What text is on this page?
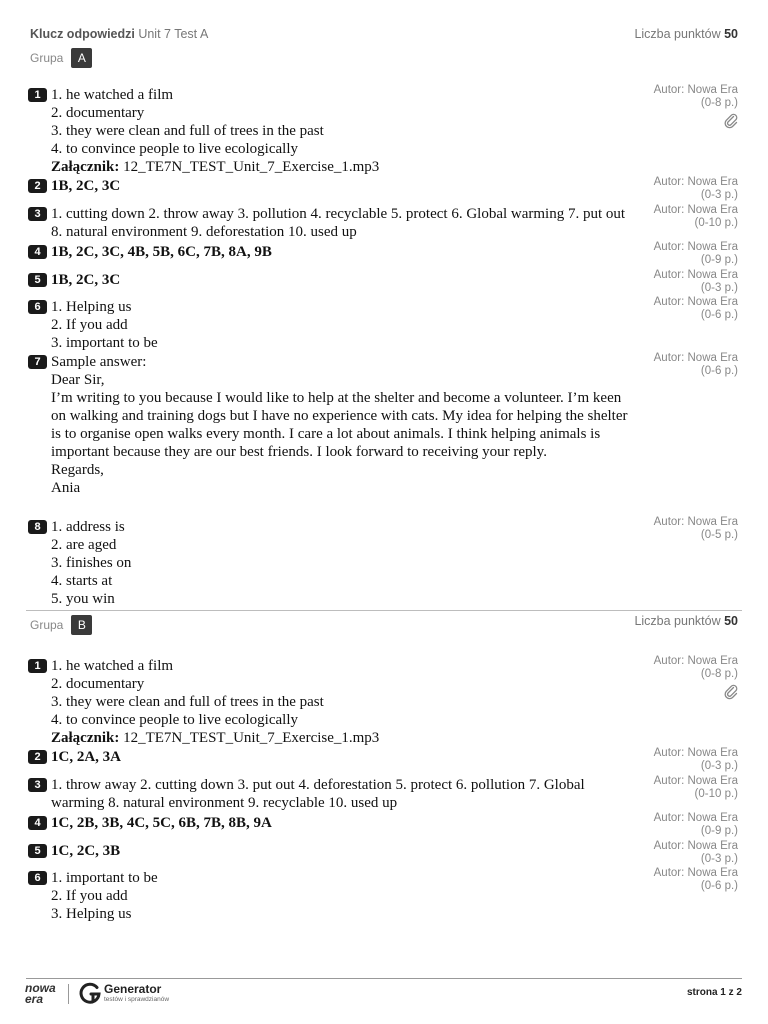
Klucz odpowiedzi Unit 7 Test A	Liczba punktów 50
Grupa	A
1 1. he watched a film
2. documentary
3. they were clean and full of trees in the past
4. to convince people to live ecologically
Załącznik: 12_TE7N_TEST_Unit_7_Exercise_1.mp3
Autor: Nowa Era
(0-8 p.)
2 1B, 2C, 3C	Autor: Nowa Era
(0-3 p.)
3 1. cutting down 2. throw away 3. pollution 4. recyclable 5. protect 6. Global warming 7. put out 8. natural environment 9. deforestation 10. used up
Autor: Nowa Era
(0-10 p.)
4 1B, 2C, 3C, 4B, 5B, 6C, 7B, 8A, 9B	Autor: Nowa Era
(0-9 p.)
5 1B, 2C, 3C	Autor: Nowa Era
(0-3 p.)
6 1. Helping us
2. If you add
3. important to be
Autor: Nowa Era
(0-6 p.)
7 Sample answer:
Dear Sir,
I’m writing to you because I would like to help at the shelter and become a volunteer. I’m keen on walking and training dogs but I have no experience with cats. My idea for helping the shelter is to organise open walks every month. I care a lot about animals. I think helping animals is important because they are our best friends. I look forward to receiving your reply.
Regards,
Ania
Autor: Nowa Era
(0-6 p.)
8 1. address is
2. are aged
3. finishes on
4. starts at
5. you win
Autor: Nowa Era
(0-5 p.)
Grupa	B	Liczba punktów 50
1 1. he watched a film
2. documentary
3. they were clean and full of trees in the past
4. to convince people to live ecologically
Załącznik: 12_TE7N_TEST_Unit_7_Exercise_1.mp3
Autor: Nowa Era
(0-8 p.)
2 1C, 2A, 3A	Autor: Nowa Era
(0-3 p.)
3 1. throw away 2. cutting down 3. put out 4. deforestation 5. protect 6. pollution 7. Global warming 8. natural environment 9. recyclable 10. used up
Autor: Nowa Era
(0-10 p.)
4 1C, 2B, 3B, 4C, 5C, 6B, 7B, 8B, 9A	Autor: Nowa Era
(0-9 p.)
5 1C, 2C, 3B	Autor: Nowa Era
(0-3 p.)
6 1. important to be
2. If you add
3. Helping us
Autor: Nowa Era
(0-6 p.)
nowa
era
Generator
testów i sprawdzianów
strona 1 z 2
